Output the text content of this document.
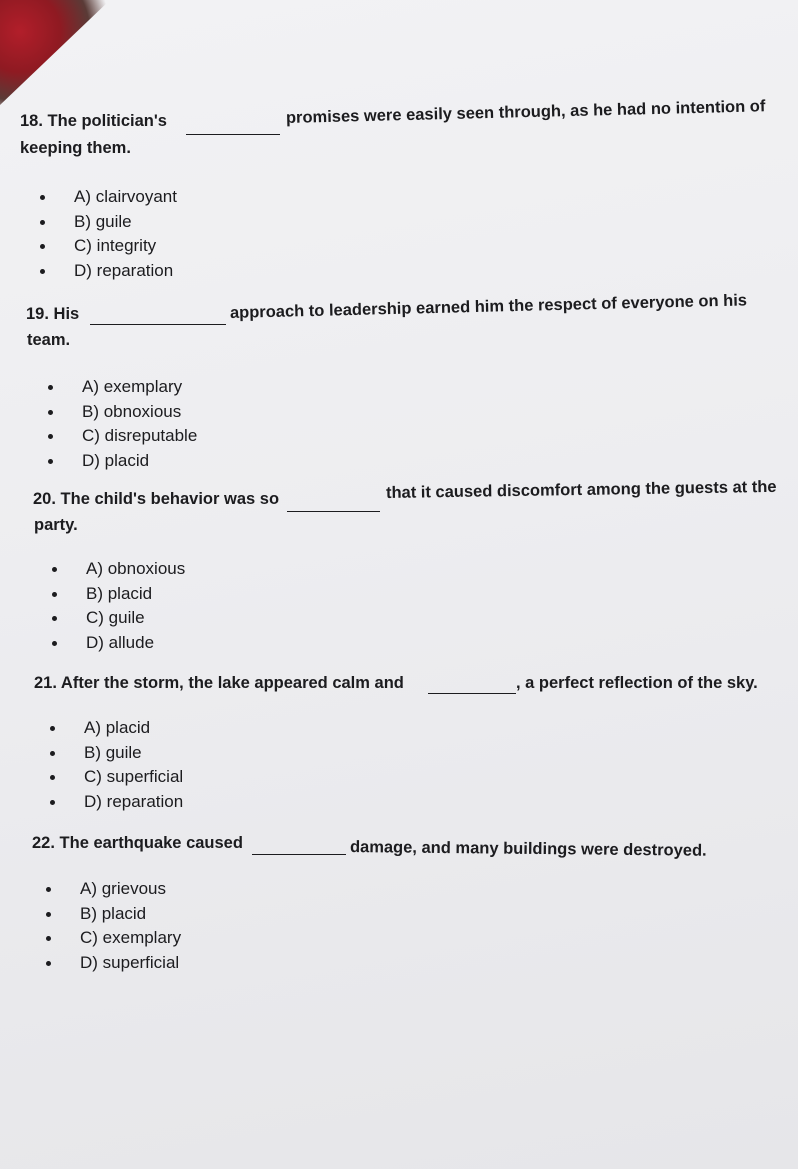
18. The politician's	promises were easily seen through, as he had no intention of
keeping them.
A) clairvoyant
B) guile
C) integrity
D) reparation
19. His	approach to leadership earned him the respect of everyone on his
team.
A) exemplary
B) obnoxious
C) disreputable
D) placid
20. The child's behavior was so	that it caused discomfort among the guests at the
party.
A) obnoxious
B) placid
C) guile
D) allude
21. After the storm, the lake appeared calm and	, a perfect reflection of the sky.
A) placid
B) guile
C) superficial
D) reparation
22. The earthquake caused	damage, and many buildings were destroyed.
A) grievous
B) placid
C) exemplary
D) superficial
